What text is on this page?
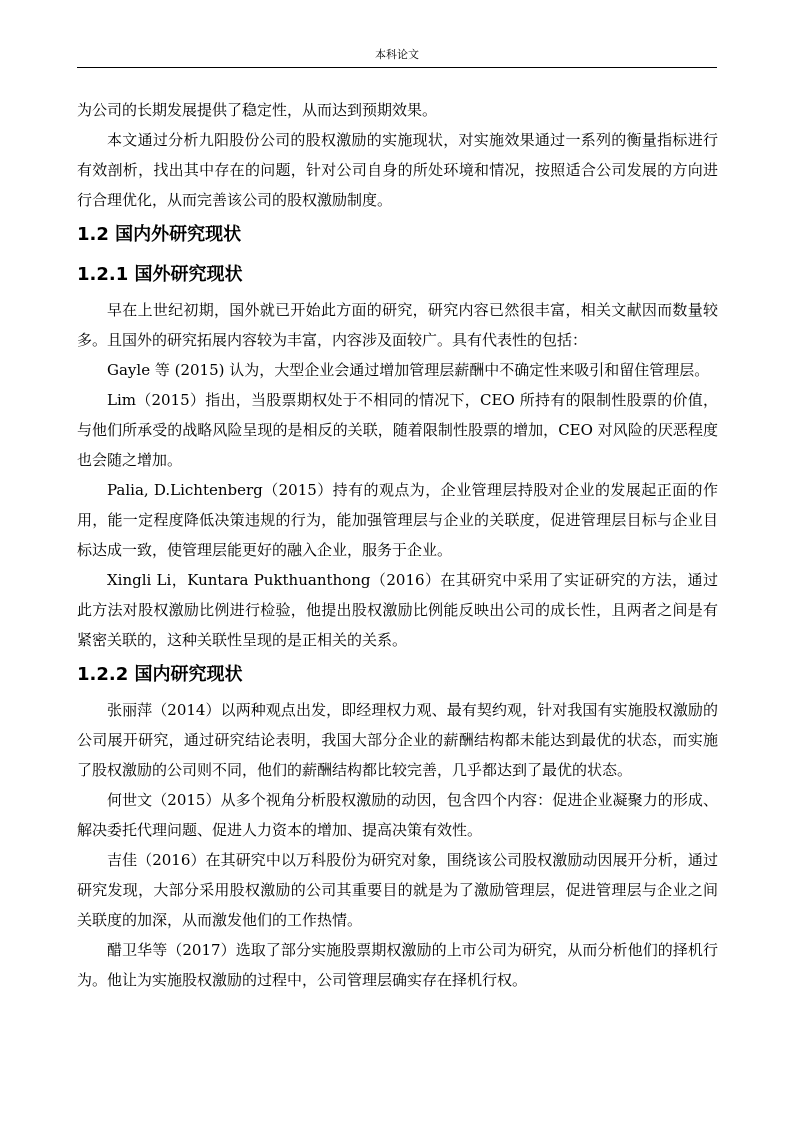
本科论文

为公司的长期发展提供了稳定性，从而达到预期效果。

本文通过分析九阳股份公司的股权激励的实施现状，对实施效果通过一系列的衡量指标进行有效剖析，找出其中存在的问题，针对公司自身的所处环境和情况，按照适合公司发展的方向进行合理优化，从而完善该公司的股权激励制度。

1.2 国内外研究现状
1.2.1 国外研究现状

早在上世纪初期，国外就已开始此方面的研究，研究内容已然很丰富，相关文献因而数量较多。且国外的研究拓展内容较为丰富，内容涉及面较广。具有代表性的包括：

Gayle 等 (2015) 认为，大型企业会通过增加管理层薪酬中不确定性来吸引和留住管理层。

Lim（2015）指出，当股票期权处于不相同的情况下，CEO 所持有的限制性股票的价值，与他们所承受的战略风险呈现的是相反的关联，随着限制性股票的增加，CEO 对风险的厌恶程度也会随之增加。

Palia, D.Lichtenberg（2015）持有的观点为，企业管理层持股对企业的发展起正面的作用，能一定程度降低决策违规的行为，能加强管理层与企业的关联度，促进管理层目标与企业目标达成一致，使管理层能更好的融入企业，服务于企业。

Xingli Li，Kuntara Pukthuanthong（2016）在其研究中采用了实证研究的方法，通过此方法对股权激励比例进行检验，他提出股权激励比例能反映出公司的成长性，且两者之间是有紧密关联的，这种关联性呈现的是正相关的关系。

1.2.2 国内研究现状

张丽萍（2014）以两种观点出发，即经理权力观、最有契约观，针对我国有实施股权激励的公司展开研究，通过研究结论表明，我国大部分企业的薪酬结构都未能达到最优的状态，而实施了股权激励的公司则不同，他们的薪酬结构都比较完善，几乎都达到了最优的状态。

何世文（2015）从多个视角分析股权激励的动因，包含四个内容：促进企业凝聚力的形成、解决委托代理问题、促进人力资本的增加、提高决策有效性。

吉佳（2016）在其研究中以万科股份为研究对象，围绕该公司股权激励动因展开分析，通过研究发现，大部分采用股权激励的公司其重要目的就是为了激励管理层，促进管理层与企业之间关联度的加深，从而激发他们的工作热情。

醋卫华等（2017）选取了部分实施股票期权激励的上市公司为研究，从而分析他们的择机行为。他让为实施股权激励的过程中，公司管理层确实存在择机行权。
